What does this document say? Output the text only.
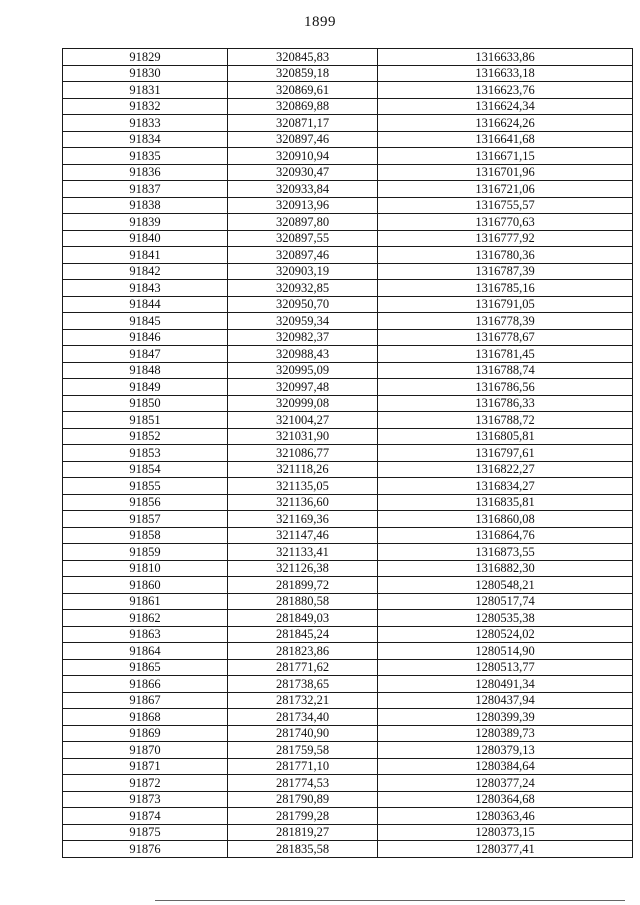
1899
91829	320845,83	1316633,86
91830	320859,18	1316633,18
91831	320869,61	1316623,76
91832	320869,88	1316624,34
91833	320871,17	1316624,26
91834	320897,46	1316641,68
91835	320910,94	1316671,15
91836	320930,47	1316701,96
91837	320933,84	1316721,06
91838	320913,96	1316755,57
91839	320897,80	1316770,63
91840	320897,55	1316777,92
91841	320897,46	1316780,36
91842	320903,19	1316787,39
91843	320932,85	1316785,16
91844	320950,70	1316791,05
91845	320959,34	1316778,39
91846	320982,37	1316778,67
91847	320988,43	1316781,45
91848	320995,09	1316788,74
91849	320997,48	1316786,56
91850	320999,08	1316786,33
91851	321004,27	1316788,72
91852	321031,90	1316805,81
91853	321086,77	1316797,61
91854	321118,26	1316822,27
91855	321135,05	1316834,27
91856	321136,60	1316835,81
91857	321169,36	1316860,08
91858	321147,46	1316864,76
91859	321133,41	1316873,55
91810	321126,38	1316882,30
91860	281899,72	1280548,21
91861	281880,58	1280517,74
91862	281849,03	1280535,38
91863	281845,24	1280524,02
91864	281823,86	1280514,90
91865	281771,62	1280513,77
91866	281738,65	1280491,34
91867	281732,21	1280437,94
91868	281734,40	1280399,39
91869	281740,90	1280389,73
91870	281759,58	1280379,13
91871	281771,10	1280384,64
91872	281774,53	1280377,24
91873	281790,89	1280364,68
91874	281799,28	1280363,46
91875	281819,27	1280373,15
91876	281835,58	1280377,41
